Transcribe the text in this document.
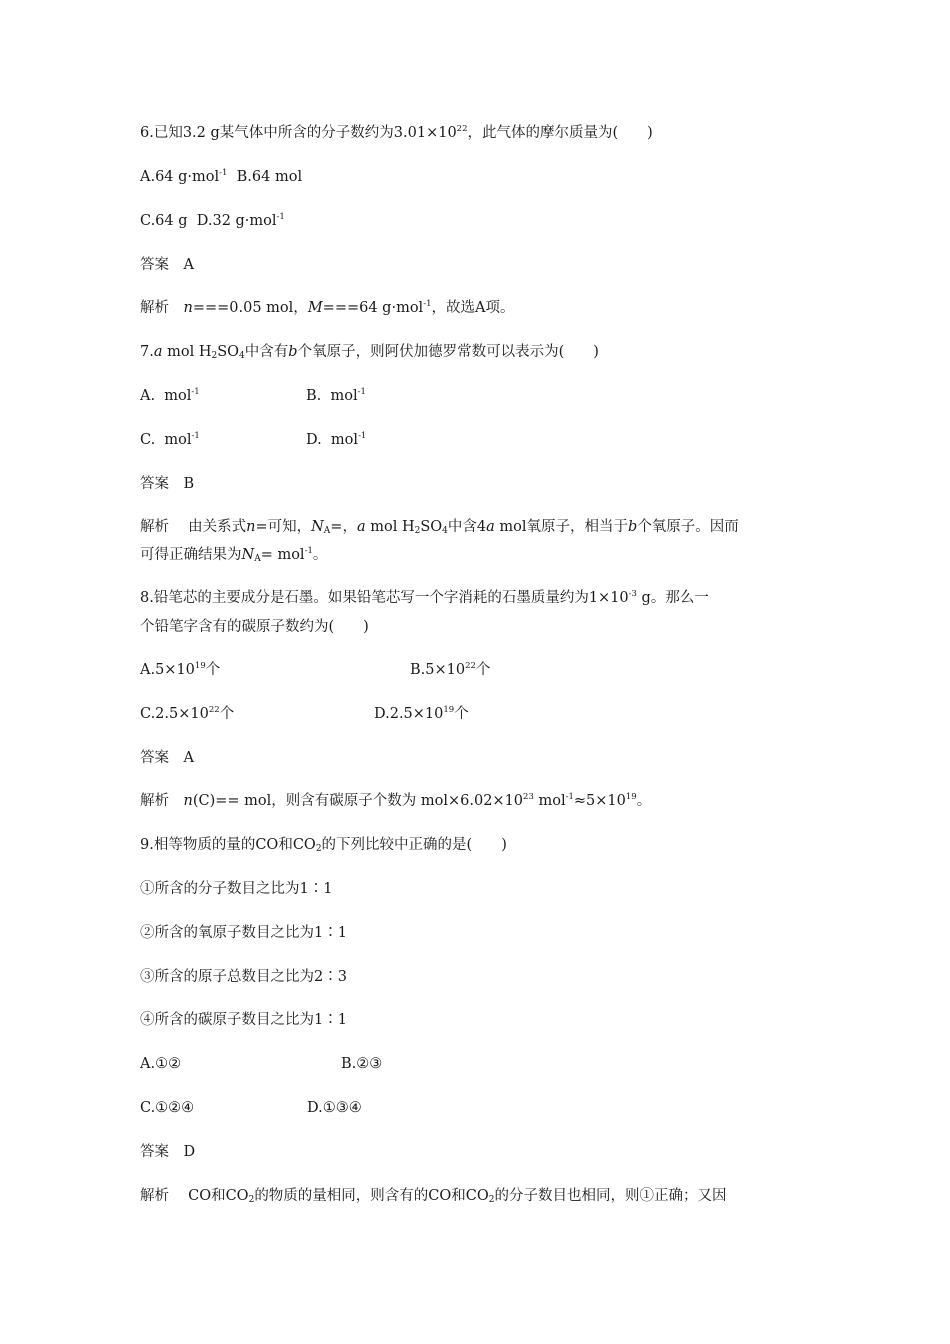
6.已知3.2 g某气体中所含的分子数约为$3.01\times 10^{22}$，此气体的摩尔质量为(　　)
A.64 g·mol$^{-1}$  B.64 mol
C.64 g  D.32 g·mol$^{-1}$
答案　A
解析　n===0.05 mol，M===64 g·mol$^{-1}$，故选A项。
7.a mol $H_2SO_4$中含有b个氧原子，则阿伏加德罗常数可以表示为(　　)
A.  mol$^{-1}$	B.  mol$^{-1}$
C.  mol$^{-1}$	D.  mol$^{-1}$
答案　B
解析　 由关系式n=可知，$N_A=$，a mol $H_2SO_4$中含4a mol氧原子，相当于b个氧原子。因而
可得正确结果为$N_A= mol^{-1}$。
8.铅笔芯的主要成分是石墨。如果铅笔芯写一个字消耗的石墨质量约为$1\times 10^{-3}$ g。那么一
个铅笔字含有的碳原子数约为(　　)
$A.5\times 10^{19}$个	$B.5\times 10^{22}$个
$C.2.5\times 10^{22}$个	$D.2.5\times 10^{19}$个
答案　A
解析　n(C)== mol，则含有碳原子个数为 $mol\times 6.02\times 10^{23}$ $mol^{-1}\approx 5\times 10^{19}$。
9.相等物质的量的CO和$CO_2$的下列比较中正确的是(　　)
①所含的分子数目之比为1∶1
②所含的氧原子数目之比为1∶1
③所含的原子总数目之比为2∶3
④所含的碳原子数目之比为1∶1
A.①②	B.②③
C.①②④	D.①③④
答案　D
解析　 CO和$CO_2$的物质的量相同，则含有的CO和$CO_2$的分子数目也相同，则①正确；又因
